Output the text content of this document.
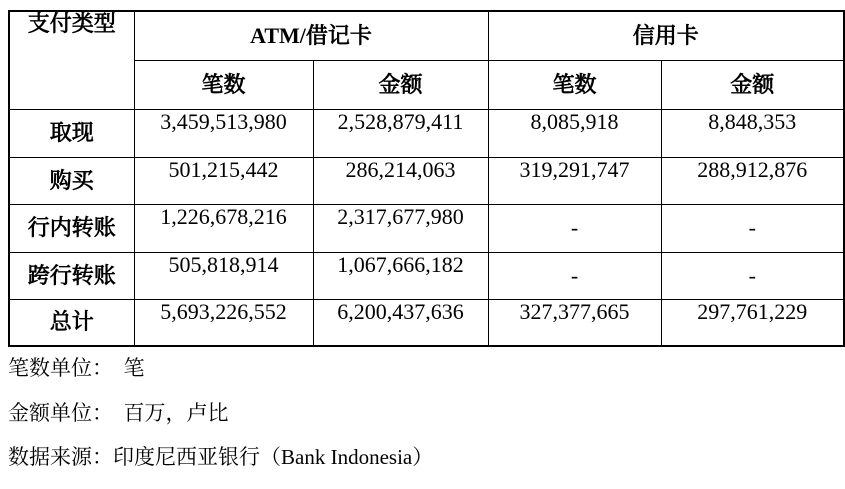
支付类型	ATM/借记卡		信用卡	
	笔数	金额	笔数	金额
取现	3,459,513,980	2,528,879,411	8,085,918	8,848,353
购买	501,215,442	286,214,063	319,291,747	288,912,876
行内转账	1,226,678,216	2,317,677,980	-	-
跨行转账	505,818,914	1,067,666,182	-	-
总计	5,693,226,552	6,200,437,636	327,377,665	297,761,229
笔数单位：　笔
金额单位：　百万，卢比
数据来源：印度尼西亚银行（Bank Indonesia）
